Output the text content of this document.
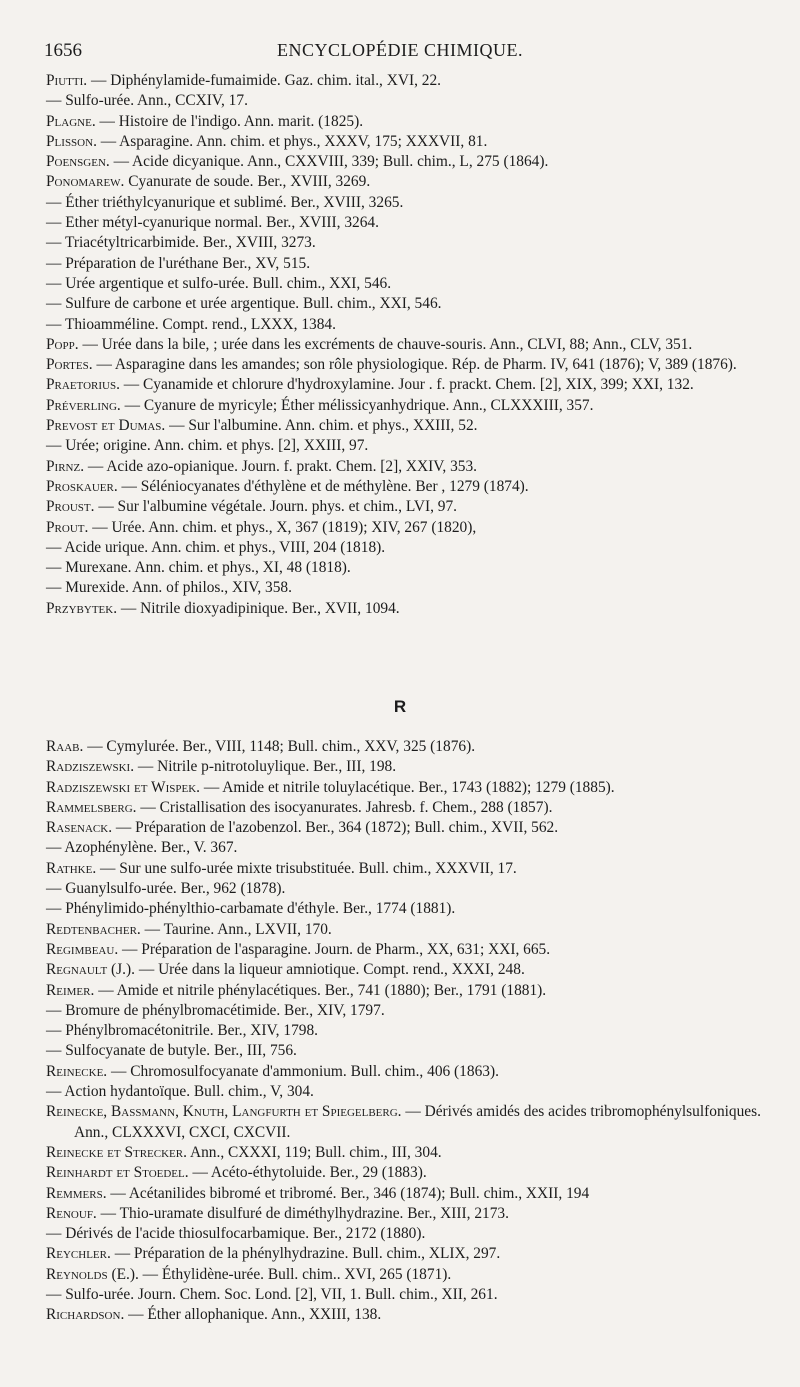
1656	ENCYCLOPÉDIE CHIMIQUE.

Piutti. — Diphénylamide-fumaimide. Gaz. chim. ital., XVI, 22.

— Sulfo-urée. Ann., CCXIV, 17.

Plagne. — Histoire de l'indigo. Ann. marit. (1825).

Plisson. — Asparagine. Ann. chim. et phys., XXXV, 175; XXXVII, 81.

Poensgen. — Acide dicyanique. Ann., CXXVIII, 339; Bull. chim., L, 275 (1864).

Ponomarew. Cyanurate de soude. Ber., XVIII, 3269.

— Éther triéthylcyanurique et sublimé. Ber., XVIII, 3265.

— Ether métyl-cyanurique normal. Ber., XVIII, 3264.

— Triacétyltricarbimide. Ber., XVIII, 3273.

— Préparation de l'uréthane Ber., XV, 515.

— Urée argentique et sulfo-urée. Bull. chim., XXI, 546.

— Sulfure de carbone et urée argentique. Bull. chim., XXI, 546.

— Thioamméline. Compt. rend., LXXX, 1384.

Popp. — Urée dans la bile, ; urée dans les excréments de chauve-souris. Ann., CLVI, 88; Ann., CLV, 351.

Portes. — Asparagine dans les amandes; son rôle physiologique. Rép. de Pharm. IV, 641 (1876); V, 389 (1876).

Praetorius. — Cyanamide et chlorure d'hydroxylamine. Jour . f. prackt. Chem. [2], XIX, 399; XXI, 132.

Préverling. — Cyanure de myricyle; Éther mélissicyanhydrique. Ann., CLXXXIII, 357.

Prevost et Dumas. — Sur l'albumine. Ann. chim. et phys., XXIII, 52.

— Urée; origine. Ann. chim. et phys. [2], XXIII, 97.

Pirnz. — Acide azo-opianique. Journ. f. prakt. Chem. [2], XXIV, 353.

Proskauer. — Séléniocyanates d'éthylène et de méthylène. Ber , 1279 (1874).

Proust. — Sur l'albumine végétale. Journ. phys. et chim., LVI, 97.

Prout. — Urée. Ann. chim. et phys., X, 367 (1819); XIV, 267 (1820),

— Acide urique. Ann. chim. et phys., VIII, 204 (1818).

— Murexane. Ann. chim. et phys., XI, 48 (1818).

— Murexide. Ann. of philos., XIV, 358.

Przybytek. — Nitrile dioxyadipinique. Ber., XVII, 1094.

R

Raab. — Cymylurée. Ber., VIII, 1148; Bull. chim., XXV, 325 (1876).

Radziszewski. — Nitrile p-nitrotoluylique. Ber., III, 198.

Radziszewski et Wispek. — Amide et nitrile toluylacétique. Ber., 1743 (1882); 1279 (1885).

Rammelsberg. — Cristallisation des isocyanurates. Jahresb. f. Chem., 288 (1857).

Rasenack. — Préparation de l'azobenzol. Ber., 364 (1872); Bull. chim., XVII, 562.

— Azophénylène. Ber., V. 367.

Rathke. — Sur une sulfo-urée mixte trisubstituée. Bull. chim., XXXVII, 17.

— Guanylsulfo-urée. Ber., 962 (1878).

— Phénylimido-phénylthio-carbamate d'éthyle. Ber., 1774 (1881).

Redtenbacher. — Taurine. Ann., LXVII, 170.

Regimbeau. — Préparation de l'asparagine. Journ. de Pharm., XX, 631; XXI, 665.

Regnault (J.). — Urée dans la liqueur amniotique. Compt. rend., XXXI, 248.

Reimer. — Amide et nitrile phénylacétiques. Ber., 741 (1880); Ber., 1791 (1881).

— Bromure de phénylbromacétimide. Ber., XIV, 1797.

— Phénylbromacétonitrile. Ber., XIV, 1798.

— Sulfocyanate de butyle. Ber., III, 756.

Reinecke. — Chromosulfocyanate d'ammonium. Bull. chim., 406 (1863).

— Action hydantoïque. Bull. chim., V, 304.

Reinecke, Bassmann, Knuth, Langfurth et Spiegelberg. — Dérivés amidés des acides tribromophénylsulfoniques. Ann., CLXXXVI, CXCI, CXCVII.

Reinecke et Strecker. Ann., CXXXI, 119; Bull. chim., III, 304.

Reinhardt et Stoedel. — Acéto-éthytoluide. Ber., 29 (1883).

Remmers. — Acétanilides bibromé et tribromé. Ber., 346 (1874); Bull. chim., XXII, 194

Renouf. — Thio-uramate disulfuré de diméthylhydrazine. Ber., XIII, 2173.

— Dérivés de l'acide thiosulfocarbamique. Ber., 2172 (1880).

Reychler. — Préparation de la phénylhydrazine. Bull. chim., XLIX, 297.

Reynolds (E.). — Éthylidène-urée. Bull. chim.. XVI, 265 (1871).

— Sulfo-urée. Journ. Chem. Soc. Lond. [2], VII, 1. Bull. chim., XII, 261.

Richardson. — Éther allophanique. Ann., XXIII, 138.
